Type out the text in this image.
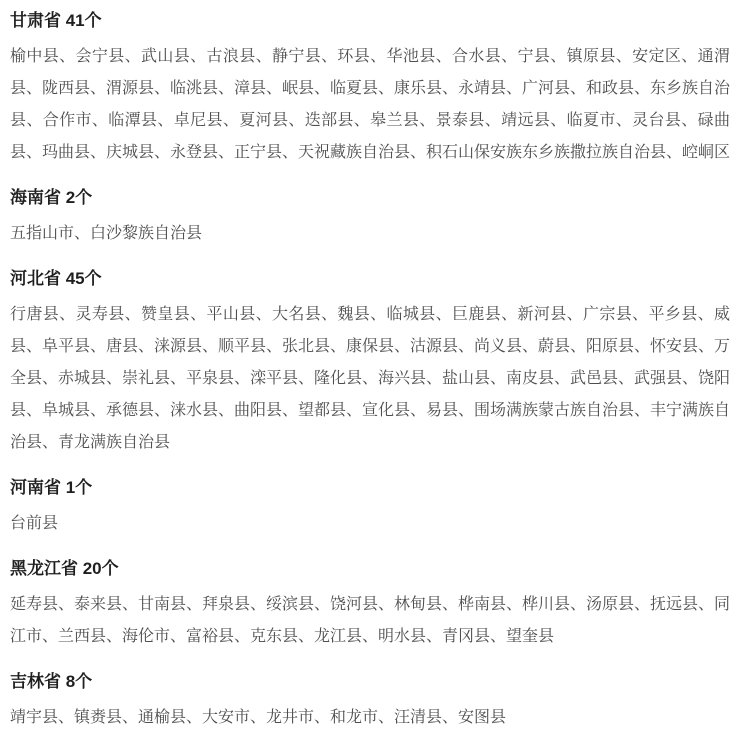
甘肃省 41个
榆中县、会宁县、武山县、古浪县、静宁县、环县、华池县、合水县、宁县、镇原县、安定区、通渭
县、陇西县、渭源县、临洮县、漳县、岷县、临夏县、康乐县、永靖县、广河县、和政县、东乡族自治
县、合作市、临潭县、卓尼县、夏河县、迭部县、皋兰县、景泰县、靖远县、临夏市、灵台县、碌曲
县、玛曲县、庆城县、永登县、正宁县、天祝藏族自治县、积石山保安族东乡族撒拉族自治县、崆峒区
海南省 2个
五指山市、白沙黎族自治县
河北省 45个
行唐县、灵寿县、赞皇县、平山县、大名县、魏县、临城县、巨鹿县、新河县、广宗县、平乡县、威
县、阜平县、唐县、涞源县、顺平县、张北县、康保县、沽源县、尚义县、蔚县、阳原县、怀安县、万
全县、赤城县、崇礼县、平泉县、滦平县、隆化县、海兴县、盐山县、南皮县、武邑县、武强县、饶阳
县、阜城县、承德县、涞水县、曲阳县、望都县、宣化县、易县、围场满族蒙古族自治县、丰宁满族自
治县、青龙满族自治县
河南省 1个
台前县
黑龙江省 20个
延寿县、泰来县、甘南县、拜泉县、绥滨县、饶河县、林甸县、桦南县、桦川县、汤原县、抚远县、同
江市、兰西县、海伦市、富裕县、克东县、龙江县、明水县、青冈县、望奎县
吉林省 8个
靖宇县、镇赉县、通榆县、大安市、龙井市、和龙市、汪清县、安图县
